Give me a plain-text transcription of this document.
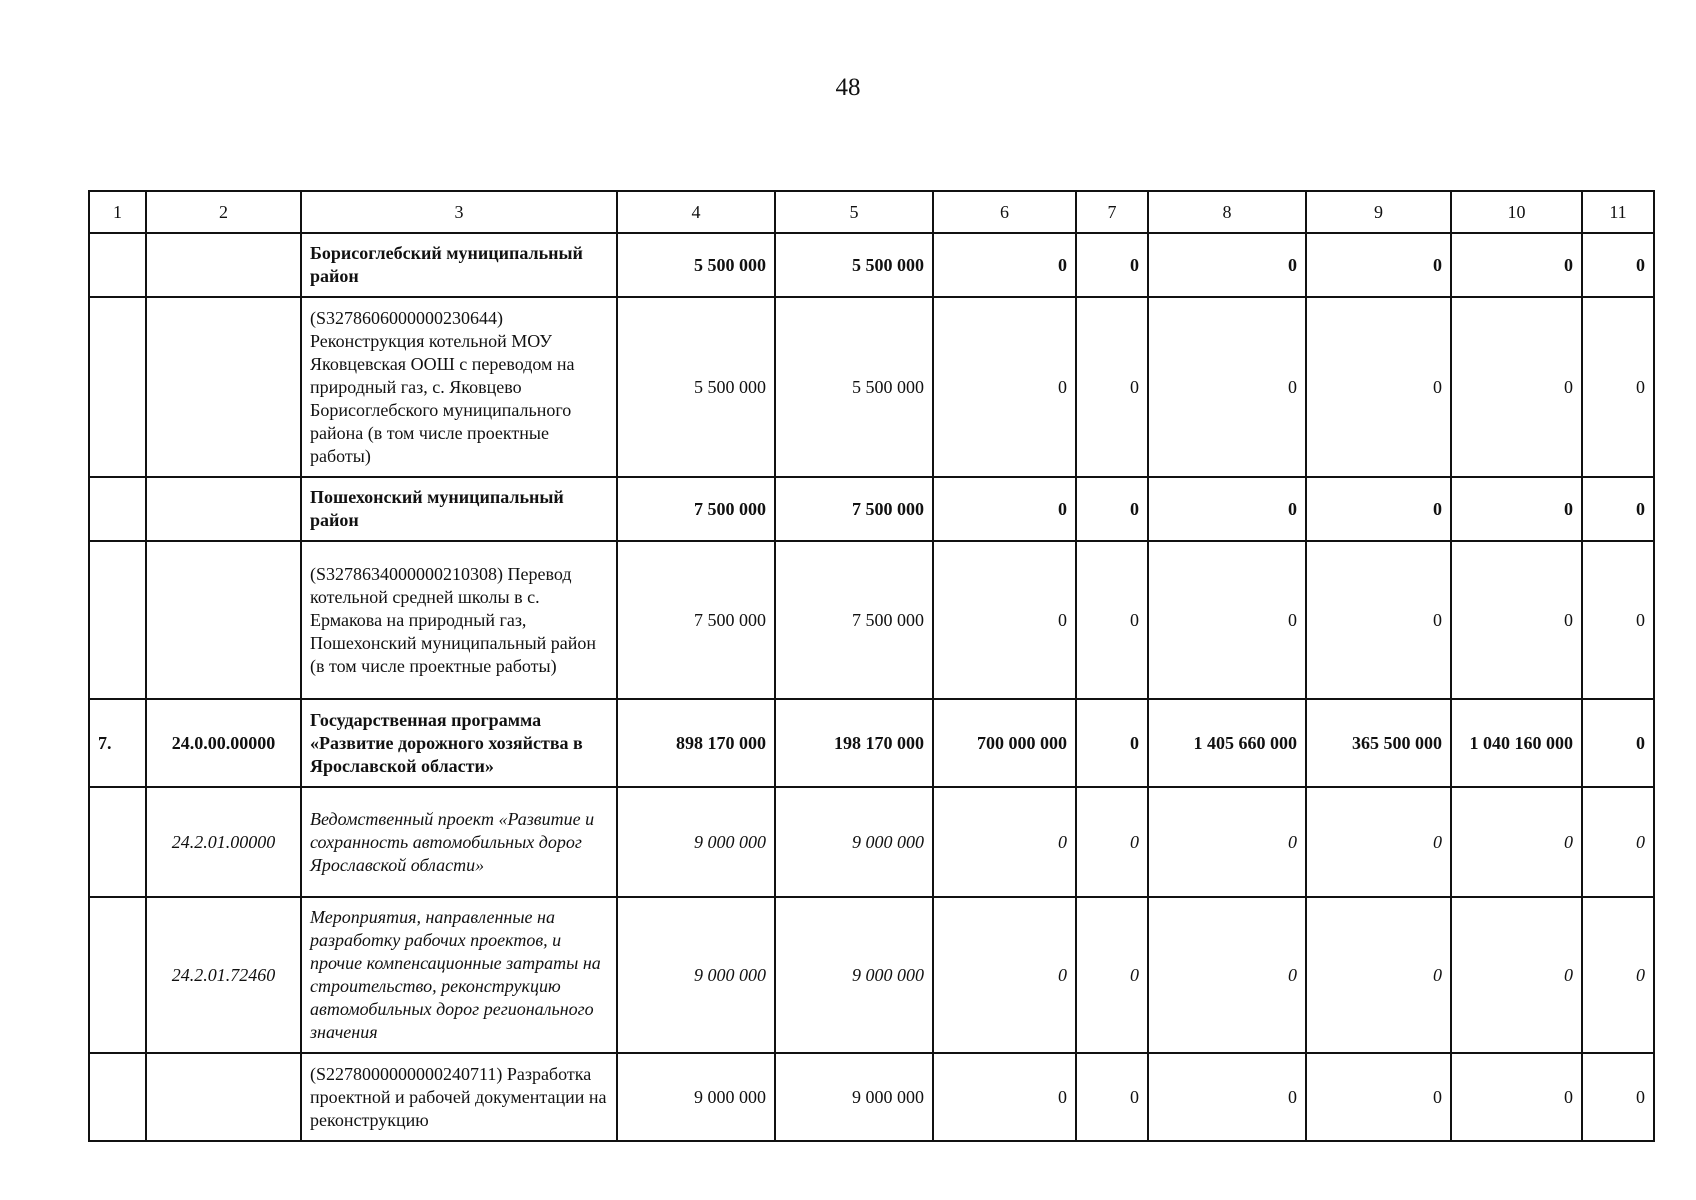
48
1	2	3	4	5	6	7	8	9	10	11
		Борисоглебский муниципальный район	5 500 000	5 500 000	0	0	0	0	0	0
		(S3278606000000230644) Реконструкция котельной МОУ Яковцевская ООШ с переводом на природный газ, с. Яковцево Борисоглебского муниципального района (в том числе проектные работы)	5 500 000	5 500 000	0	0	0	0	0	0
		Пошехонский муниципальный район	7 500 000	7 500 000	0	0	0	0	0	0
		(S3278634000000210308) Перевод котельной средней школы в с. Ермакова на природный газ, Пошехонский муниципальный район (в том числе проектные работы)	7 500 000	7 500 000	0	0	0	0	0	0
7.	24.0.00.00000	Государственная программа «Развитие дорожного хозяйства в Ярославской области»	898 170 000	198 170 000	700 000 000	0	1 405 660 000	365 500 000	1 040 160 000	0
	24.2.01.00000	Ведомственный проект «Развитие и сохранность автомобильных дорог Ярославской области»	9 000 000	9 000 000	0	0	0	0	0	0
	24.2.01.72460	Мероприятия, направленные на разработку рабочих проектов, и прочие компенсационные затраты на строительство, реконструкцию автомобильных дорог регионального значения	9 000 000	9 000 000	0	0	0	0	0	0
		(S2278000000000240711) Разработка проектной и рабочей документации на реконструкцию	9 000 000	9 000 000	0	0	0	0	0	0
